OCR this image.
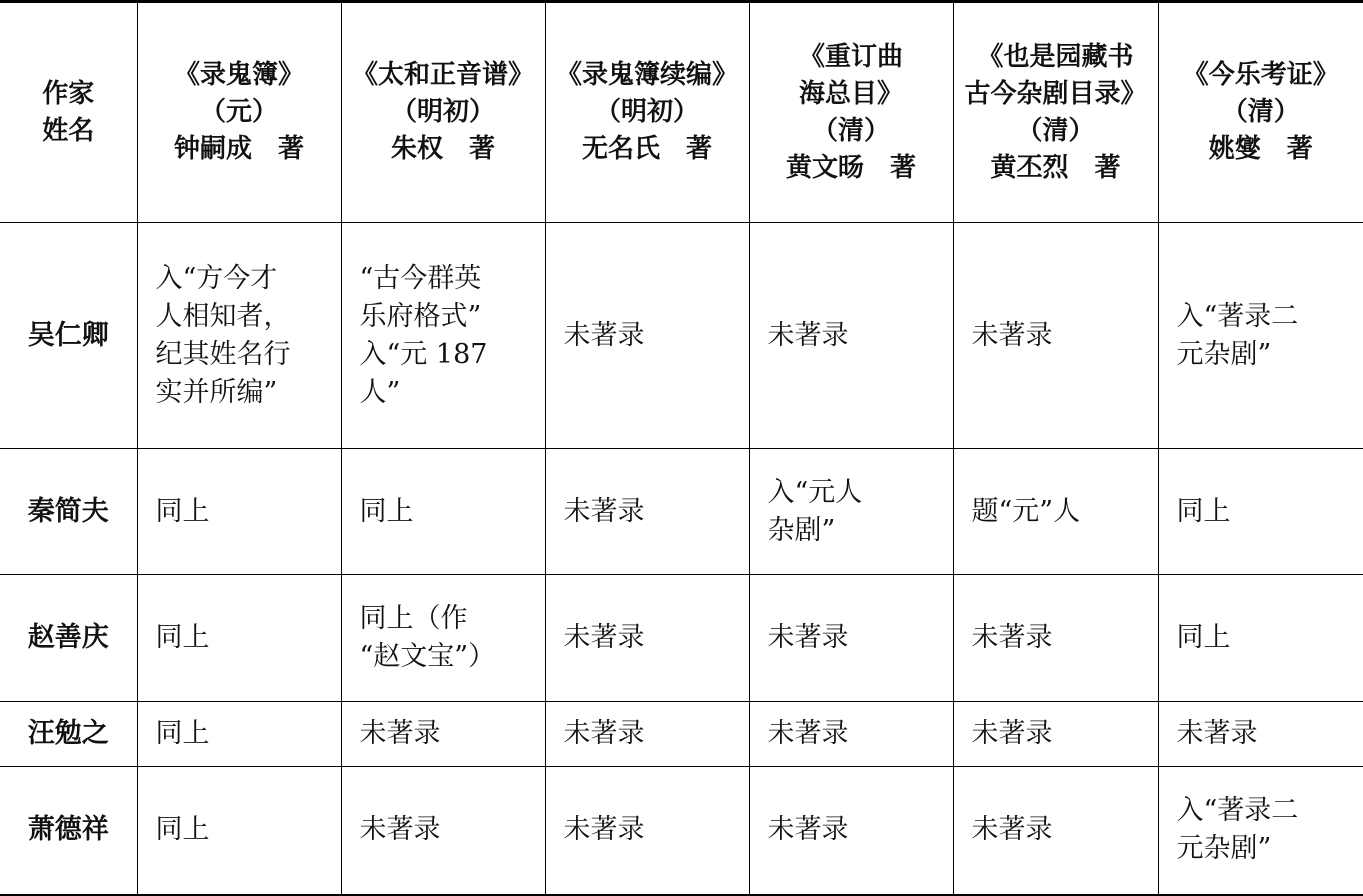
作家
姓名	《录鬼簿》
（元）
钟嗣成　著	《太和正音谱》
（明初）
朱权　著	《录鬼簿续编》
（明初）
无名氏　著	《重订曲
海总目》
（清）
黄文旸　著	《也是园藏书
古今杂剧目录》
（清）
黄丕烈　著	《今乐考证》
（清）
姚燮　著

吴仁卿	入“方今才
人相知者，
纪其姓名行
实并所编”	“古今群英
乐府格式”
入“元 187
人”	未著录	未著录	未著录	入“著录二
元杂剧”

秦简夫	同上	同上	未著录	入“元人
杂剧”	题“元”人	同上
赵善庆	同上	同上（作
“赵文宝”）	未著录	未著录	未著录	同上
汪勉之	同上	未著录	未著录	未著录	未著录	未著录
萧德祥	同上	未著录	未著录	未著录	未著录	入“著录二
元杂剧”
